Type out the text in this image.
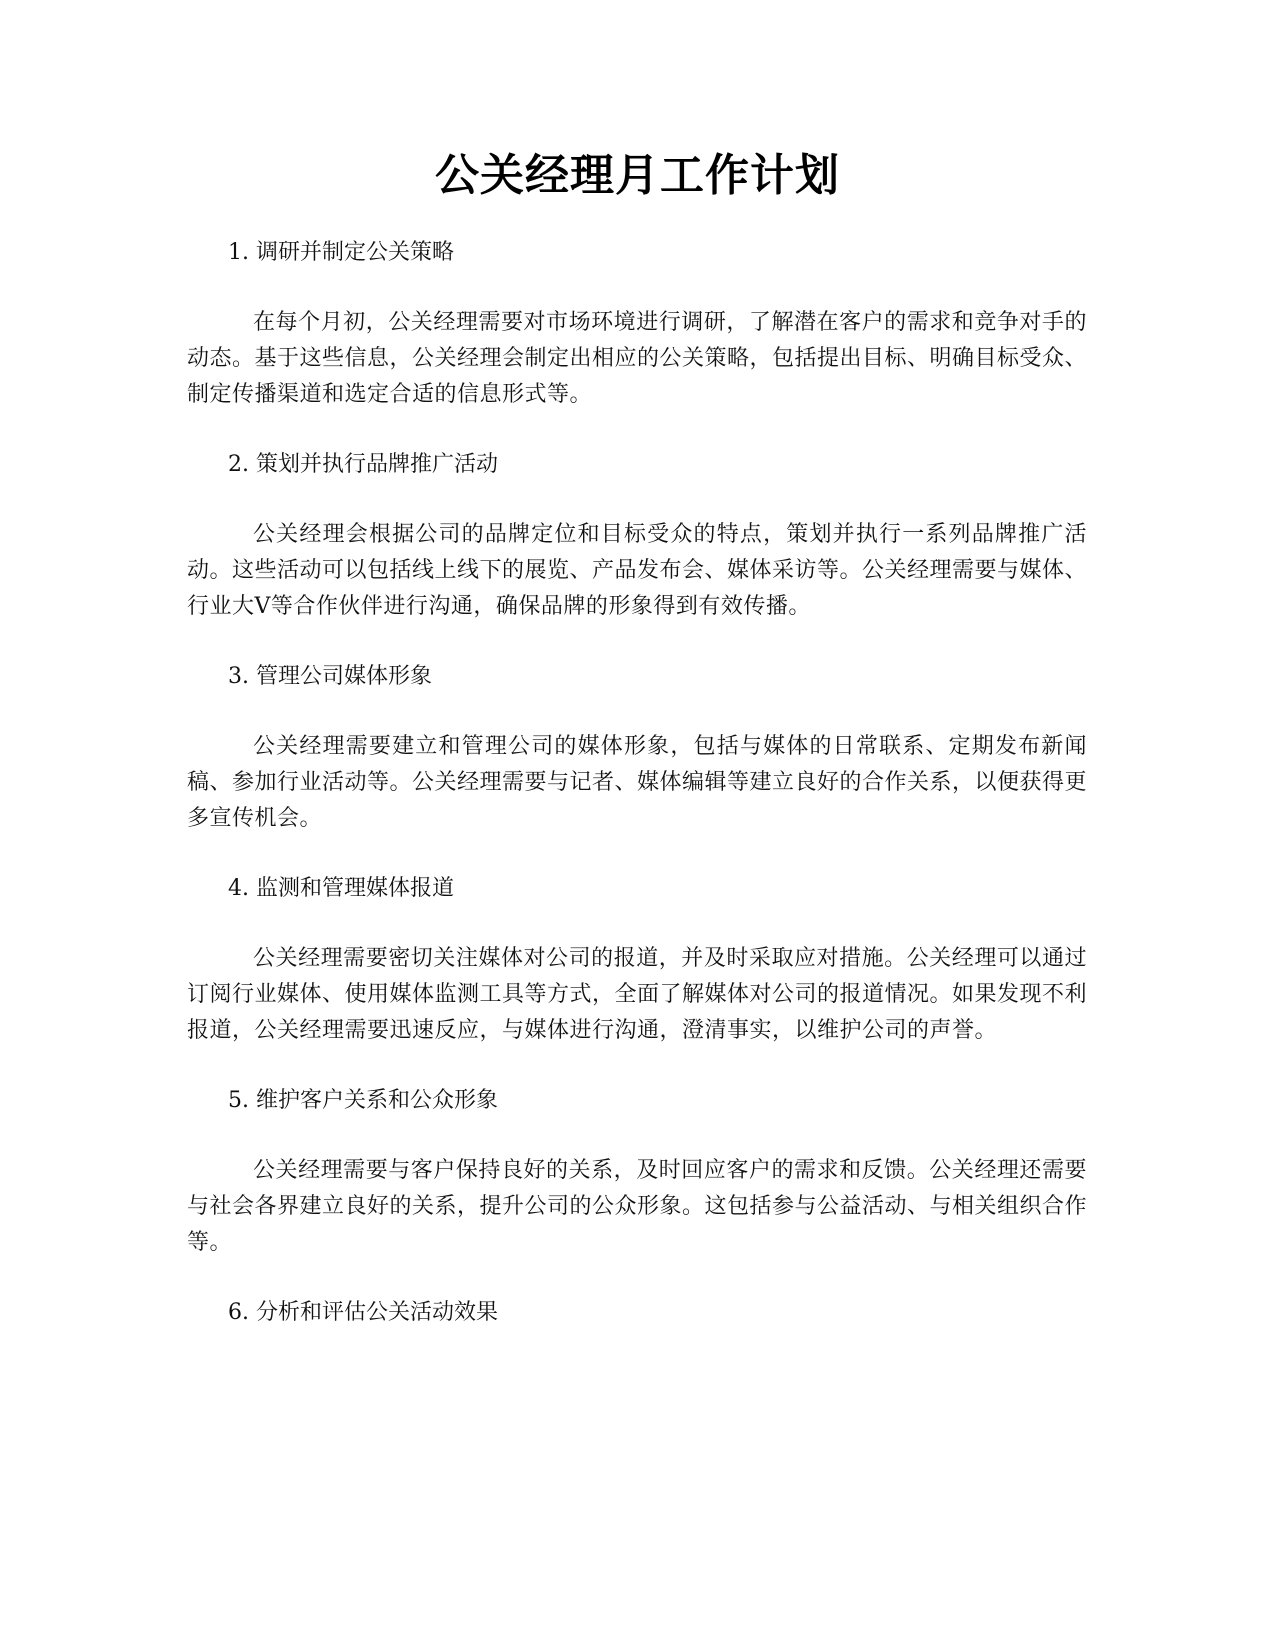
公关经理月工作计划
1. 调研并制定公关策略
在每个月初，公关经理需要对市场环境进行调研，了解潜在客户的需求和竞争对手的动态。基于这些信息，公关经理会制定出相应的公关策略，包括提出目标、明确目标受众、制定传播渠道和选定合适的信息形式等。
2. 策划并执行品牌推广活动
公关经理会根据公司的品牌定位和目标受众的特点，策划并执行一系列品牌推广活动。这些活动可以包括线上线下的展览、产品发布会、媒体采访等。公关经理需要与媒体、行业大V等合作伙伴进行沟通，确保品牌的形象得到有效传播。
3. 管理公司媒体形象
公关经理需要建立和管理公司的媒体形象，包括与媒体的日常联系、定期发布新闻稿、参加行业活动等。公关经理需要与记者、媒体编辑等建立良好的合作关系，以便获得更多宣传机会。
4. 监测和管理媒体报道
公关经理需要密切关注媒体对公司的报道，并及时采取应对措施。公关经理可以通过订阅行业媒体、使用媒体监测工具等方式，全面了解媒体对公司的报道情况。如果发现不利报道，公关经理需要迅速反应，与媒体进行沟通，澄清事实，以维护公司的声誉。
5. 维护客户关系和公众形象
公关经理需要与客户保持良好的关系，及时回应客户的需求和反馈。公关经理还需要与社会各界建立良好的关系，提升公司的公众形象。这包括参与公益活动、与相关组织合作等。
6. 分析和评估公关活动效果
